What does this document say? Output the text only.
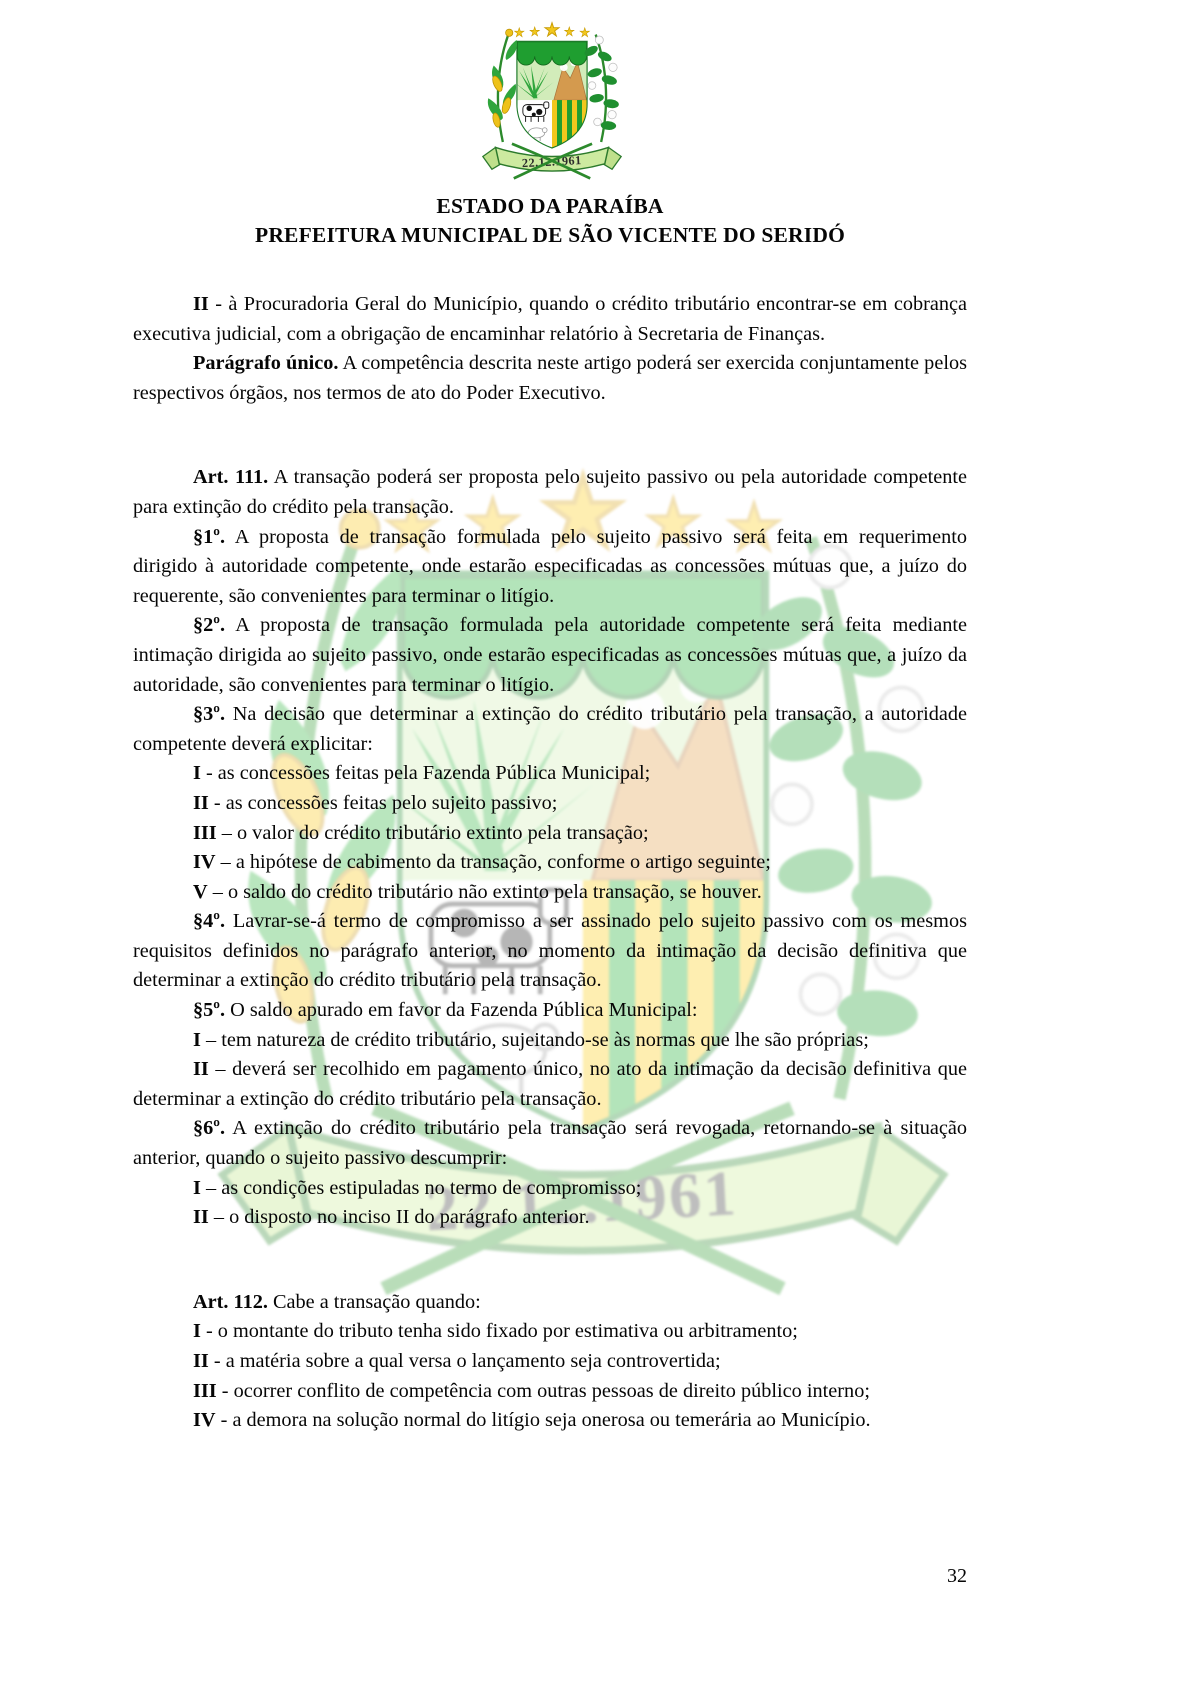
ESTADO DA PARAÍBA
PREFEITURA MUNICIPAL DE SÃO VICENTE DO SERIDÓ

II - à Procuradoria Geral do Município, quando o crédito tributário encontrar-se em cobrança executiva judicial, com a obrigação de encaminhar relatório à Secretaria de Finanças.

Parágrafo único. A competência descrita neste artigo poderá ser exercida conjuntamente pelos respectivos órgãos, nos termos de ato do Poder Executivo.

Art. 111. A transação poderá ser proposta pelo sujeito passivo ou pela autoridade competente para extinção do crédito pela transação.

§1º. A proposta de transação formulada pelo sujeito passivo será feita em requerimento dirigido à autoridade competente, onde estarão especificadas as concessões mútuas que, a juízo do requerente, são convenientes para terminar o litígio.

§2º. A proposta de transação formulada pela autoridade competente será feita mediante intimação dirigida ao sujeito passivo, onde estarão especificadas as concessões mútuas que, a juízo da autoridade, são convenientes para terminar o litígio.

§3º. Na decisão que determinar a extinção do crédito tributário pela transação, a autoridade competente deverá explicitar:

I - as concessões feitas pela Fazenda Pública Municipal;

II - as concessões feitas pelo sujeito passivo;

III – o valor do crédito tributário extinto pela transação;

IV – a hipótese de cabimento da transação, conforme o artigo seguinte;

V – o saldo do crédito tributário não extinto pela transação, se houver.

§4º. Lavrar-se-á termo de compromisso a ser assinado pelo sujeito passivo com os mesmos requisitos definidos no parágrafo anterior, no momento da intimação da decisão definitiva que determinar a extinção do crédito tributário pela transação.

§5º. O saldo apurado em favor da Fazenda Pública Municipal:

I – tem natureza de crédito tributário, sujeitando-se às normas que lhe são próprias;

II – deverá ser recolhido em pagamento único, no ato da intimação da decisão definitiva que determinar a extinção do crédito tributário pela transação.

§6º. A extinção do crédito tributário pela transação será revogada, retornando-se à situação anterior, quando o sujeito passivo descumprir:

I – as condições estipuladas no termo de compromisso;

II – o disposto no inciso II do parágrafo anterior.

Art. 112. Cabe a transação quando:

I - o montante do tributo tenha sido fixado por estimativa ou arbitramento;

II - a matéria sobre a qual versa o lançamento seja controvertida;

III - ocorrer conflito de competência com outras pessoas de direito público interno;

IV - a demora na solução normal do litígio seja onerosa ou temerária ao Município.

32
